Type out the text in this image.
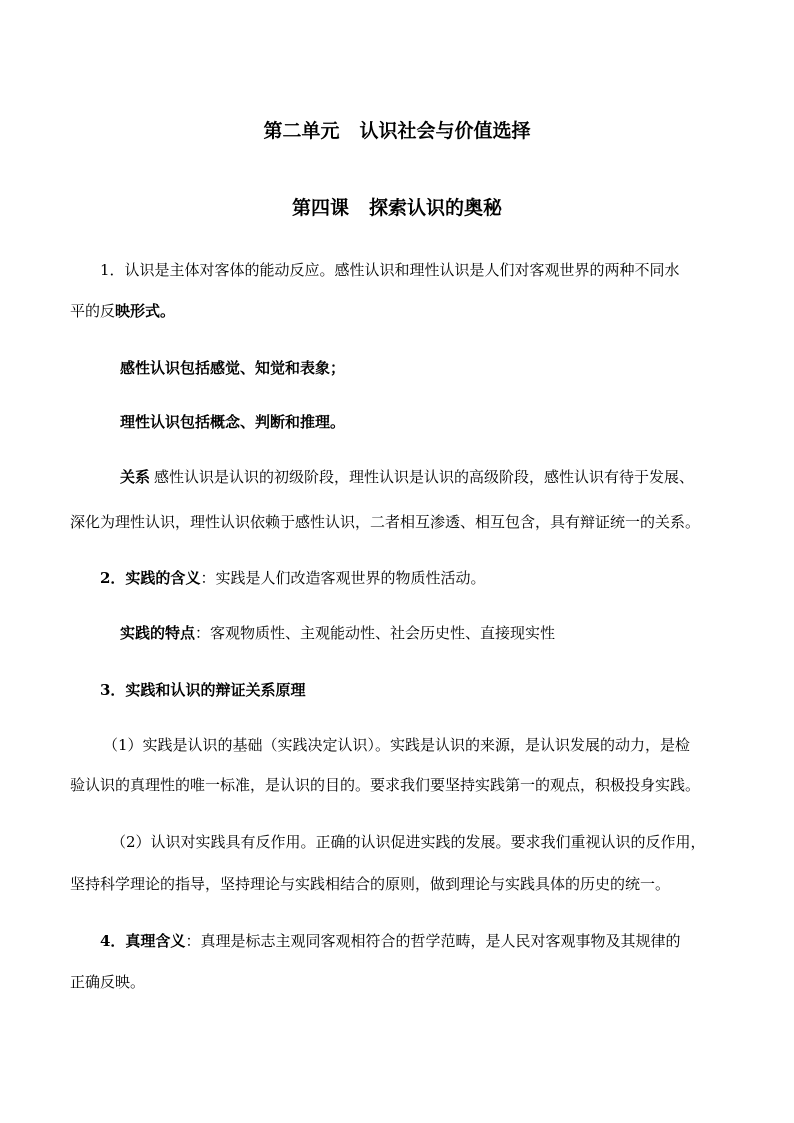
第二单元 认识社会与价值选择
第四课 探索认识的奥秘
1．认识是主体对客体的能动反应。感性认识和理性认识是人们对客观世界的两种不同水
平的反映形式。
感性认识包括感觉、知觉和表象；
理性认识包括概念、判断和推理。
关系 感性认识是认识的初级阶段，理性认识是认识的高级阶段，感性认识有待于发展、
深化为理性认识，理性认识依赖于感性认识，二者相互渗透、相互包含，具有辩证统一的关系。
2．实践的含义：实践是人们改造客观世界的物质性活动。
实践的特点：客观物质性、主观能动性、社会历史性、直接现实性
3．实践和认识的辩证关系原理
（1）实践是认识的基础（实践决定认识）。实践是认识的来源，是认识发展的动力，是检
验认识的真理性的唯一标准，是认识的目的。要求我们要坚持实践第一的观点，积极投身实践。
（2）认识对实践具有反作用。正确的认识促进实践的发展。要求我们重视认识的反作用，
坚持科学理论的指导，坚持理论与实践相结合的原则，做到理论与实践具体的历史的统一。
4．真理含义：真理是标志主观同客观相符合的哲学范畴，是人民对客观事物及其规律的
正确反映。
